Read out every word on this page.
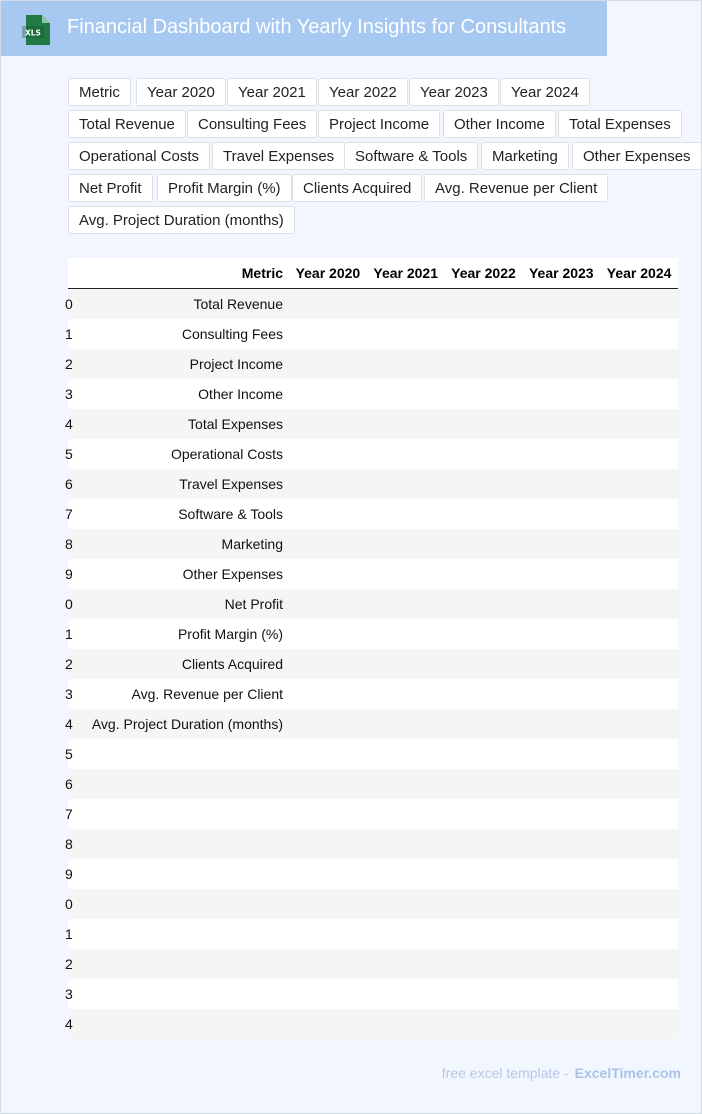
XLS Financial Dashboard with Yearly Insights for Consultants
Metric	Year 2020	Year 2021	Year 2022	Year 2023	Year 2024
Total Revenue	Consulting Fees	Project Income	Other Income	Total Expenses
Operational Costs	Travel Expenses	Software & Tools	Marketing	Other Expenses
Net Profit	Profit Margin (%)	Clients Acquired	Avg. Revenue per Client
Avg. Project Duration (months)
	Metric	Year 2020	Year 2021	Year 2022	Year 2023	Year 2024
0	Total Revenue					
1	Consulting Fees					
2	Project Income					
3	Other Income					
4	Total Expenses					
5	Operational Costs					
6	Travel Expenses					
7	Software & Tools					
8	Marketing					
9	Other Expenses					
0	Net Profit					
1	Profit Margin (%)					
2	Clients Acquired					
3	Avg. Revenue per Client					
4	Avg. Project Duration (months)					
5						
6						
7						
8						
9						
0						
1						
2						
3						
4						
free excel template - ExcelTimer.com
